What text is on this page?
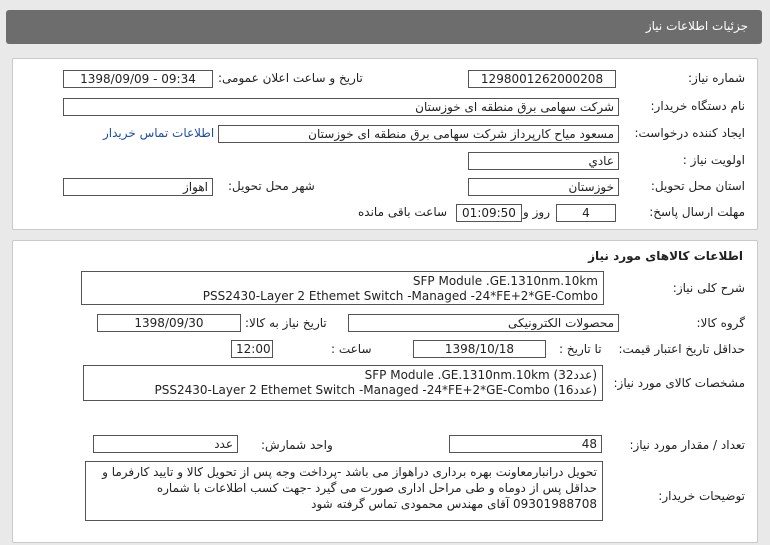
جزئیات اطلاعات نیاز
شماره نیاز:
1298001262000208
تاریخ و ساعت اعلان عمومی:
1398/09/09 - 09:34
نام دستگاه خریدار:
شرکت سهامی برق منطقه ای خوزستان
ایجاد کننده درخواست:
مسعود میاح کارپرداز شرکت سهامی برق منطقه ای خوزستان
اطلاعات تماس خریدار
اولویت نیاز :
عادي
استان محل تحویل:
خوزستان
شهر محل تحویل:
اهواز
مهلت ارسال پاسخ:
4
روز و
01:09:50
ساعت باقی مانده
اطلاعات کالاهای مورد نیاز
شرح کلی نیاز:
SFP Module .GE.1310nm.10km
PSS2430-Layer 2 Ethemet Switch -Managed -24*FE+2*GE-Combo
گروه کالا:
محصولات الکترونیکی
تاریخ نیاز به کالا:
1398/09/30
حداقل تاریخ اعتبار قیمت:
تا تاریخ :
1398/10/18
ساعت :
12:00
مشخصات کالای مورد نیاز:
SFP Module .GE.1310nm.10km (32عدد)
PSS2430-Layer 2 Ethemet Switch -Managed -24*FE+2*GE-Combo (16عدد)
تعداد / مقدار مورد نیاز:
48
واحد شمارش:
عدد
توضیحات خریدار:
تحویل درانبارمعاونت بهره برداری دراهواز می باشد -پرداخت وجه پس از تحویل کالا و تایید کارفرما و
حداقل پس از دوماه و طی مراحل اداری صورت می گیرد -جهت کسب اطلاعات با شماره
09301988708 آقای مهندس محمودی تماس گرفته شود
